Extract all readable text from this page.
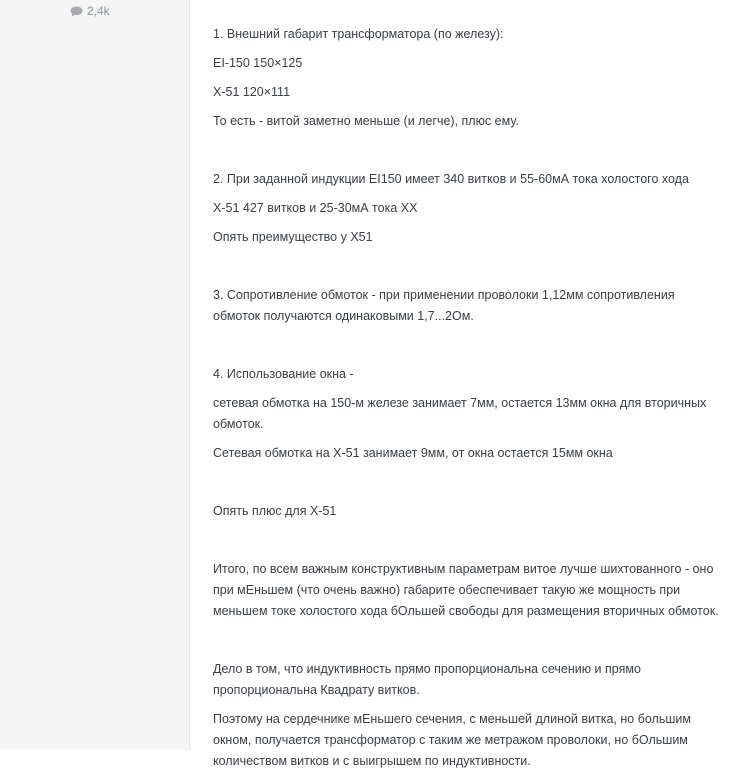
2,4k

1. Внешний габарит трансформатора (по железу):

EI-150 150×125

X-51 120×111

То есть - витой заметно меньше (и легче), плюс ему.

2. При заданной индукции EI150 имеет 340 витков и 55-60мА тока холостого хода

X-51 427 витков и 25-30мА тока ХХ

Опять преимущество у X51

3. Сопротивление обмоток - при применении проволоки 1,12мм сопротивления обмоток получаются одинаковыми 1,7...2Ом.

4. Использование окна -

сетевая обмотка на 150-м железе занимает 7мм, остается 13мм окна для вторичных обмоток.

Сетевая обмотка на X-51 занимает 9мм, от окна остается 15мм окна

Опять плюс для X-51

Итого, по всем важным конструктивным параметрам витое лучше шихтованного - оно при мЕньшем (что очень важно) габарите обеспечивает такую же мощность при меньшем токе холостого хода бОльшей свободы для размещения вторичных обмоток.

Дело в том, что индуктивность прямо пропорциональна сечению и прямо пропорциональна Квадрату витков.

Поэтому на сердечнике мЕньшего сечения, с меньшей длиной витка, но большим окном, получается трансформатор с таким же метражом проволоки, но бОльшим количеством витков и с выигрышем по индуктивности.
